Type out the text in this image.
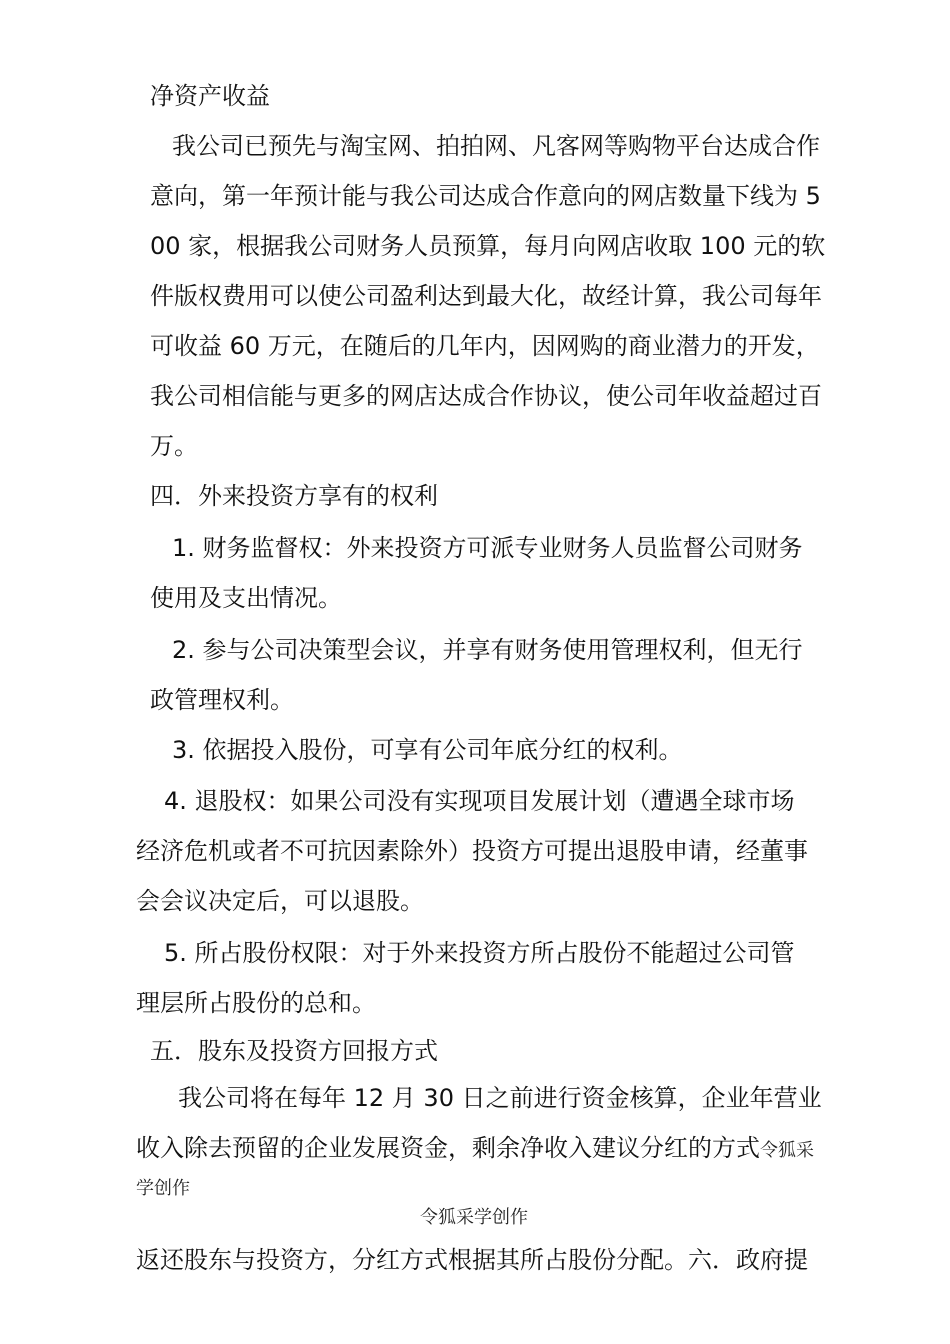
净资产收益
我公司已预先与淘宝网、拍拍网、凡客网等购物平台达成合作
意向，第一年预计能与我公司达成合作意向的网店数量下线为 5
00 家，根据我公司财务人员预算，每月向网店收取 100 元的软
件版权费用可以使公司盈利达到最大化，故经计算，我公司每年
可收益 60 万元，在随后的几年内，因网购的商业潜力的开发，
我公司相信能与更多的网店达成合作协议，使公司年收益超过百
万。
四．外来投资方享有的权利
1. 财务监督权：外来投资方可派专业财务人员监督公司财务
使用及支出情况。
2. 参与公司决策型会议，并享有财务使用管理权利，但无行
政管理权利。
3. 依据投入股份，可享有公司年底分红的权利。
4. 退股权：如果公司没有实现项目发展计划（遭遇全球市场
经济危机或者不可抗因素除外）投资方可提出退股申请，经董事
会会议决定后，可以退股。
5. 所占股份权限：对于外来投资方所占股份不能超过公司管
理层所占股份的总和。
五．股东及投资方回报方式
我公司将在每年 12 月 30 日之前进行资金核算，企业年营业
收入除去预留的企业发展资金，剩余净收入建议分红的方式令狐采
学创作
令狐采学创作
返还股东与投资方，分红方式根据其所占股份分配。六．政府提
